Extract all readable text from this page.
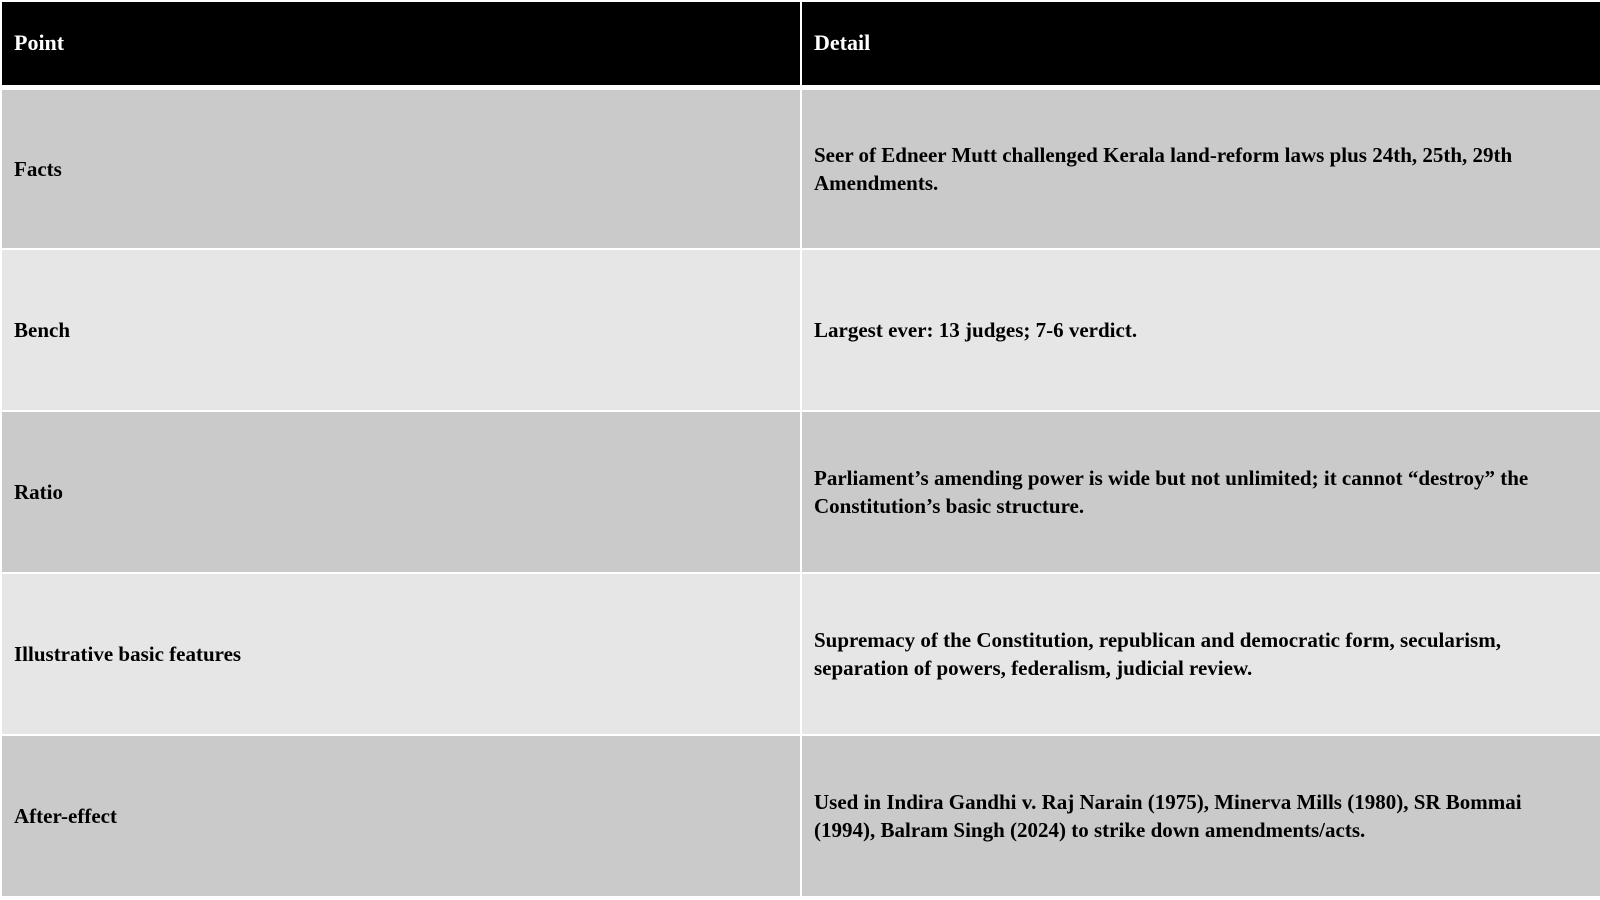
Point	Detail
Facts	Seer of Edneer Mutt challenged Kerala land-reform laws plus 24th, 25th, 29th Amendments.
Bench	Largest ever: 13 judges; 7-6 verdict.
Ratio	Parliament’s amending power is wide but not unlimited; it cannot “destroy” the Constitution’s basic structure.
Illustrative basic features	Supremacy of the Constitution, republican and democratic form, secularism, separation of powers, federalism, judicial review.
After-effect	Used in Indira Gandhi v. Raj Narain (1975), Minerva Mills (1980), SR Bommai (1994), Balram Singh (2024) to strike down amendments/acts.
